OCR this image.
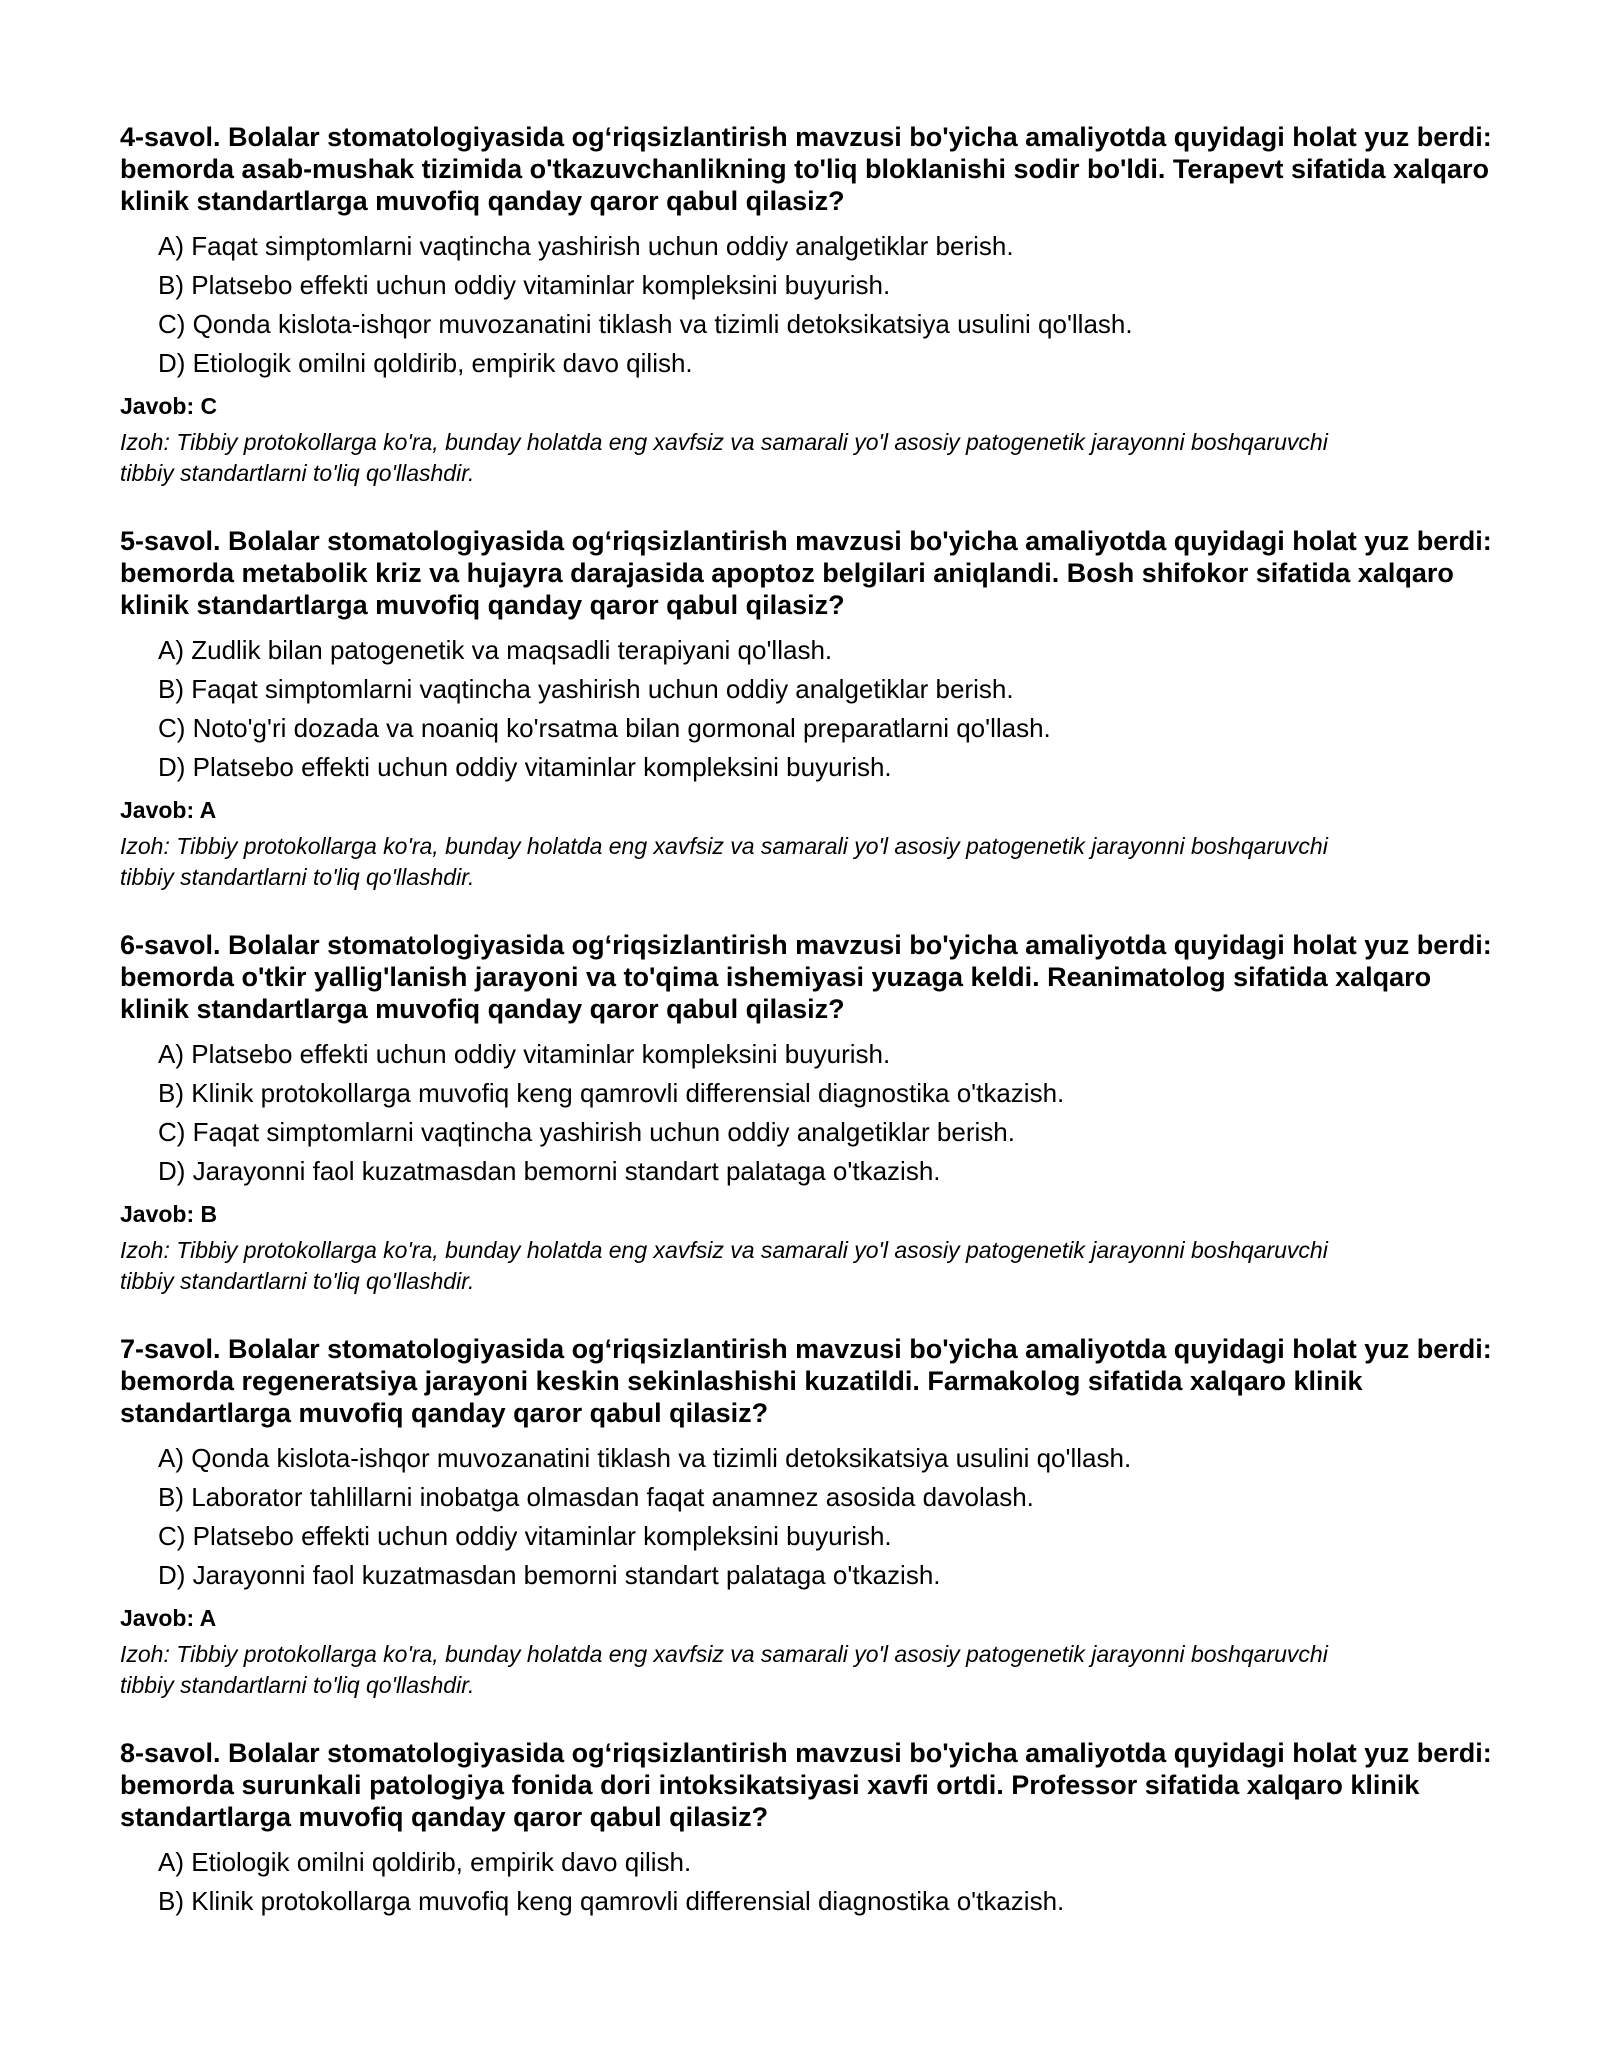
4-savol. Bolalar stomatologiyasida og‘riqsizlantirish mavzusi bo'yicha amaliyotda quyidagi holat yuz berdi: bemorda asab-mushak tizimida o'tkazuvchanlikning to'liq bloklanishi sodir bo'ldi. Terapevt sifatida xalqaro klinik standartlarga muvofiq qanday qaror qabul qilasiz?
A) Faqat simptomlarni vaqtincha yashirish uchun oddiy analgetiklar berish.
B) Platsebo effekti uchun oddiy vitaminlar kompleksini buyurish.
C) Qonda kislota-ishqor muvozanatini tiklash va tizimli detoksikatsiya usulini qo'llash.
D) Etiologik omilni qoldirib, empirik davo qilish.
Javob: C
Izoh: Tibbiy protokollarga ko'ra, bunday holatda eng xavfsiz va samarali yo'l asosiy patogenetik jarayonni boshqaruvchi tibbiy standartlarni to'liq qo'llashdir.
5-savol. Bolalar stomatologiyasida og‘riqsizlantirish mavzusi bo'yicha amaliyotda quyidagi holat yuz berdi: bemorda metabolik kriz va hujayra darajasida apoptoz belgilari aniqlandi. Bosh shifokor sifatida xalqaro klinik standartlarga muvofiq qanday qaror qabul qilasiz?
A) Zudlik bilan patogenetik va maqsadli terapiyani qo'llash.
B) Faqat simptomlarni vaqtincha yashirish uchun oddiy analgetiklar berish.
C) Noto'g'ri dozada va noaniq ko'rsatma bilan gormonal preparatlarni qo'llash.
D) Platsebo effekti uchun oddiy vitaminlar kompleksini buyurish.
Javob: A
Izoh: Tibbiy protokollarga ko'ra, bunday holatda eng xavfsiz va samarali yo'l asosiy patogenetik jarayonni boshqaruvchi tibbiy standartlarni to'liq qo'llashdir.
6-savol. Bolalar stomatologiyasida og‘riqsizlantirish mavzusi bo'yicha amaliyotda quyidagi holat yuz berdi: bemorda o'tkir yallig'lanish jarayoni va to'qima ishemiyasi yuzaga keldi. Reanimatolog sifatida xalqaro klinik standartlarga muvofiq qanday qaror qabul qilasiz?
A) Platsebo effekti uchun oddiy vitaminlar kompleksini buyurish.
B) Klinik protokollarga muvofiq keng qamrovli differensial diagnostika o'tkazish.
C) Faqat simptomlarni vaqtincha yashirish uchun oddiy analgetiklar berish.
D) Jarayonni faol kuzatmasdan bemorni standart palataga o'tkazish.
Javob: B
Izoh: Tibbiy protokollarga ko'ra, bunday holatda eng xavfsiz va samarali yo'l asosiy patogenetik jarayonni boshqaruvchi tibbiy standartlarni to'liq qo'llashdir.
7-savol. Bolalar stomatologiyasida og‘riqsizlantirish mavzusi bo'yicha amaliyotda quyidagi holat yuz berdi: bemorda regeneratsiya jarayoni keskin sekinlashishi kuzatildi. Farmakolog sifatida xalqaro klinik standartlarga muvofiq qanday qaror qabul qilasiz?
A) Qonda kislota-ishqor muvozanatini tiklash va tizimli detoksikatsiya usulini qo'llash.
B) Laborator tahlillarni inobatga olmasdan faqat anamnez asosida davolash.
C) Platsebo effekti uchun oddiy vitaminlar kompleksini buyurish.
D) Jarayonni faol kuzatmasdan bemorni standart palataga o'tkazish.
Javob: A
Izoh: Tibbiy protokollarga ko'ra, bunday holatda eng xavfsiz va samarali yo'l asosiy patogenetik jarayonni boshqaruvchi tibbiy standartlarni to'liq qo'llashdir.
8-savol. Bolalar stomatologiyasida og‘riqsizlantirish mavzusi bo'yicha amaliyotda quyidagi holat yuz berdi: bemorda surunkali patologiya fonida dori intoksikatsiyasi xavfi ortdi. Professor sifatida xalqaro klinik standartlarga muvofiq qanday qaror qabul qilasiz?
A) Etiologik omilni qoldirib, empirik davo qilish.
B) Klinik protokollarga muvofiq keng qamrovli differensial diagnostika o'tkazish.
